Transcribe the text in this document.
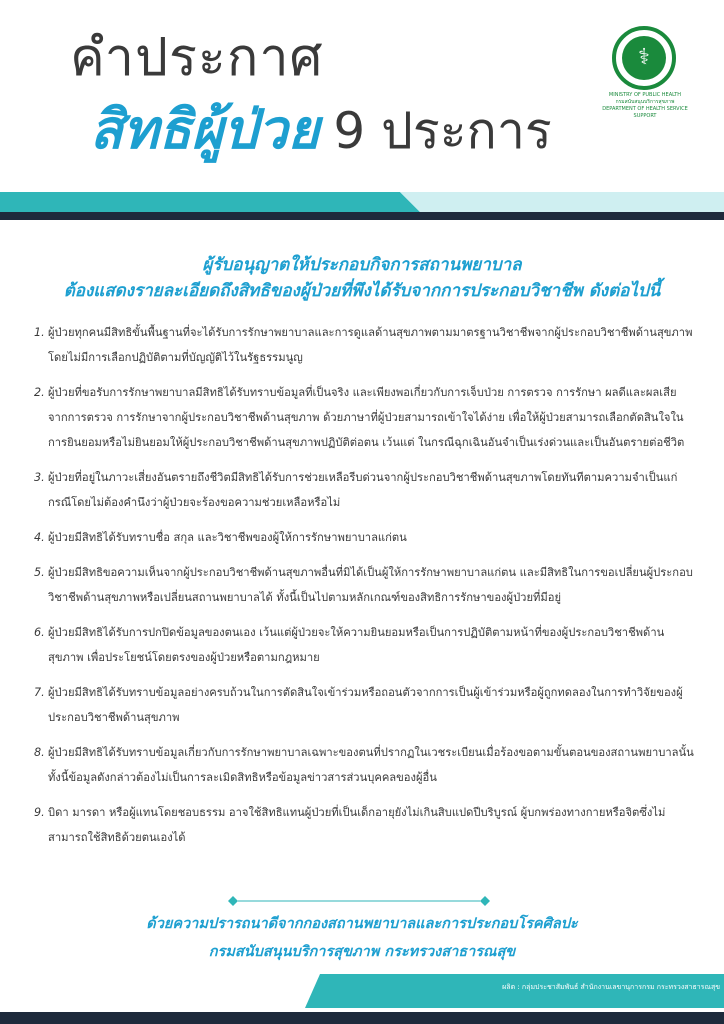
คำประกาศ
สิทธิผู้ป่วย 9 ประการ
⚕
MINISTRY OF PUBLIC HEALTH
กรมสนับสนุนบริการสุขภาพ DEPARTMENT OF HEALTH SERVICE SUPPORT
ผู้รับอนุญาตให้ประกอบกิจการสถานพยาบาล
ต้องแสดงรายละเอียดถึงสิทธิของผู้ป่วยที่พึงได้รับจากการประกอบวิชาชีพ ดังต่อไปนี้
1. ผู้ป่วยทุกคนมีสิทธิขั้นพื้นฐานที่จะได้รับการรักษาพยาบาลและการดูแลด้านสุขภาพตามมาตรฐานวิชาชีพจากผู้ประกอบวิชาชีพด้านสุขภาพโดยไม่มีการเลือกปฏิบัติตามที่บัญญัติไว้ในรัฐธรรมนูญ
2. ผู้ป่วยที่ขอรับการรักษาพยาบาลมีสิทธิได้รับทราบข้อมูลที่เป็นจริง และเพียงพอเกี่ยวกับการเจ็บป่วย การตรวจ การรักษา ผลดีและผลเสียจากการตรวจ การรักษาจากผู้ประกอบวิชาชีพด้านสุขภาพ ด้วยภาษาที่ผู้ป่วยสามารถเข้าใจได้ง่าย เพื่อให้ผู้ป่วยสามารถเลือกตัดสินใจในการยินยอมหรือไม่ยินยอมให้ผู้ประกอบวิชาชีพด้านสุขภาพปฏิบัติต่อตน เว้นแต่ ในกรณีฉุกเฉินอันจำเป็นเร่งด่วนและเป็นอันตรายต่อชีวิต
3. ผู้ป่วยที่อยู่ในภาวะเสี่ยงอันตรายถึงชีวิตมีสิทธิได้รับการช่วยเหลือรีบด่วนจากผู้ประกอบวิชาชีพด้านสุขภาพโดยทันทีตามความจำเป็นแก่กรณีโดยไม่ต้องคำนึงว่าผู้ป่วยจะร้องขอความช่วยเหลือหรือไม่
4. ผู้ป่วยมีสิทธิได้รับทราบชื่อ สกุล และวิชาชีพของผู้ให้การรักษาพยาบาลแก่ตน
5. ผู้ป่วยมีสิทธิขอความเห็นจากผู้ประกอบวิชาชีพด้านสุขภาพอื่นที่มิได้เป็นผู้ให้การรักษาพยาบาลแก่ตน และมีสิทธิในการขอเปลี่ยนผู้ประกอบวิชาชีพด้านสุขภาพหรือเปลี่ยนสถานพยาบาลได้ ทั้งนี้เป็นไปตามหลักเกณฑ์ของสิทธิการรักษาของผู้ป่วยที่มีอยู่
6. ผู้ป่วยมีสิทธิได้รับการปกปิดข้อมูลของตนเอง เว้นแต่ผู้ป่วยจะให้ความยินยอมหรือเป็นการปฏิบัติตามหน้าที่ของผู้ประกอบวิชาชีพด้านสุขภาพ เพื่อประโยชน์โดยตรงของผู้ป่วยหรือตามกฎหมาย
7. ผู้ป่วยมีสิทธิได้รับทราบข้อมูลอย่างครบถ้วนในการตัดสินใจเข้าร่วมหรือถอนตัวจากการเป็นผู้เข้าร่วมหรือผู้ถูกทดลองในการทำวิจัยของผู้ประกอบวิชาชีพด้านสุขภาพ
8. ผู้ป่วยมีสิทธิได้รับทราบข้อมูลเกี่ยวกับการรักษาพยาบาลเฉพาะของตนที่ปรากฏในเวชระเบียนเมื่อร้องขอตามขั้นตอนของสถานพยาบาลนั้น ทั้งนี้ข้อมูลดังกล่าวต้องไม่เป็นการละเมิดสิทธิหรือข้อมูลข่าวสารส่วนบุคคลของผู้อื่น
9. บิดา มารดา หรือผู้แทนโดยชอบธรรม อาจใช้สิทธิแทนผู้ป่วยที่เป็นเด็กอายุยังไม่เกินสิบแปดปีบริบูรณ์ ผู้บกพร่องทางกายหรือจิตซึ่งไม่สามารถใช้สิทธิด้วยตนเองได้
ด้วยความปรารถนาดีจากกองสถานพยาบาลและการประกอบโรคศิลปะ
กรมสนับสนุนบริการสุขภาพ กระทรวงสาธารณสุข
ผลิต : กลุ่มประชาสัมพันธ์ สำนักงานเลขานุการกรม กระทรวงสาธารณสุข
